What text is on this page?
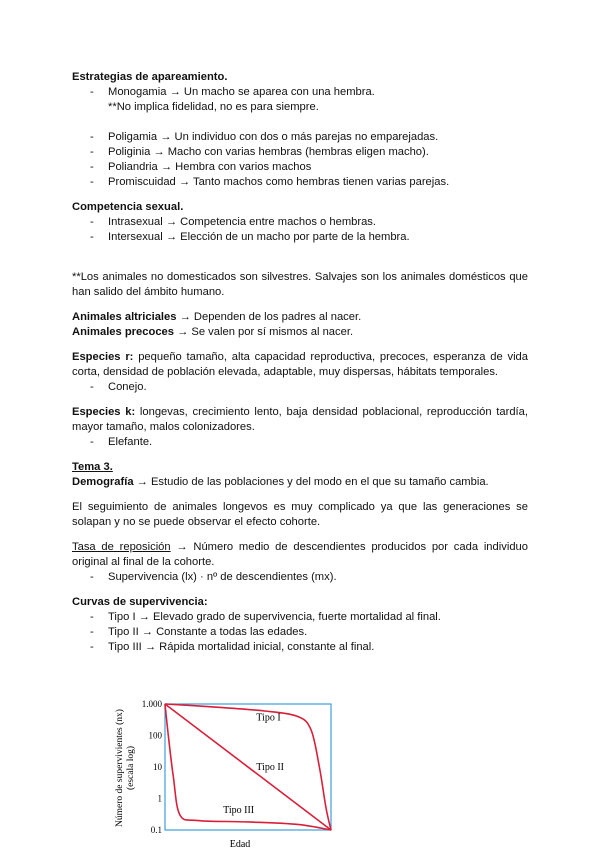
Estrategias de apareamiento.

- Monogamia → Un macho se aparea con una hembra.
**No implica fidelidad, no es para siempre.
- Poligamia → Un individuo con dos o más parejas no emparejadas.
- Poliginia → Macho con varias hembras (hembras eligen macho).
- Poliandria → Hembra con varios machos
- Promiscuidad → Tanto machos como hembras tienen varias parejas.

Competencia sexual.

- Intrasexual → Competencia entre machos o hembras.
- Intersexual → Elección de un macho por parte de la hembra.

**Los animales no domesticados son silvestres. Salvajes son los animales domésticos que han salido del ámbito humano.

Animales altriciales → Dependen de los padres al nacer.

Animales precoces → Se valen por sí mismos al nacer.

Especies r: pequeño tamaño, alta capacidad reproductiva, precoces, esperanza de vida corta, densidad de población elevada, adaptable, muy dispersas, hábitats temporales.

- Conejo.

Especies k: longevas, crecimiento lento, baja densidad poblacional, reproducción tardía, mayor tamaño, malos colonizadores.

- Elefante.

Tema 3.

Demografía → Estudio de las poblaciones y del modo en el que su tamaño cambia.

El seguimiento de animales longevos es muy complicado ya que las generaciones se solapan y no se puede observar el efecto cohorte.

Tasa de reposición → Número medio de descendientes producidos por cada individuo original al final de la cohorte.

- Supervivencia (lx) · nº de descendientes (mx).

Curvas de supervivencia:

- Tipo I → Elevado grado de supervivencia, fuerte mortalidad al final.
- Tipo II → Constante a todas las edades.
- Tipo III → Rápida mortalidad inicial, constante al final.
1.000
100
10
1
0.1
Tipo I
Tipo II
Tipo III
Edad
Número de supervivientes (nx) (escala log)
